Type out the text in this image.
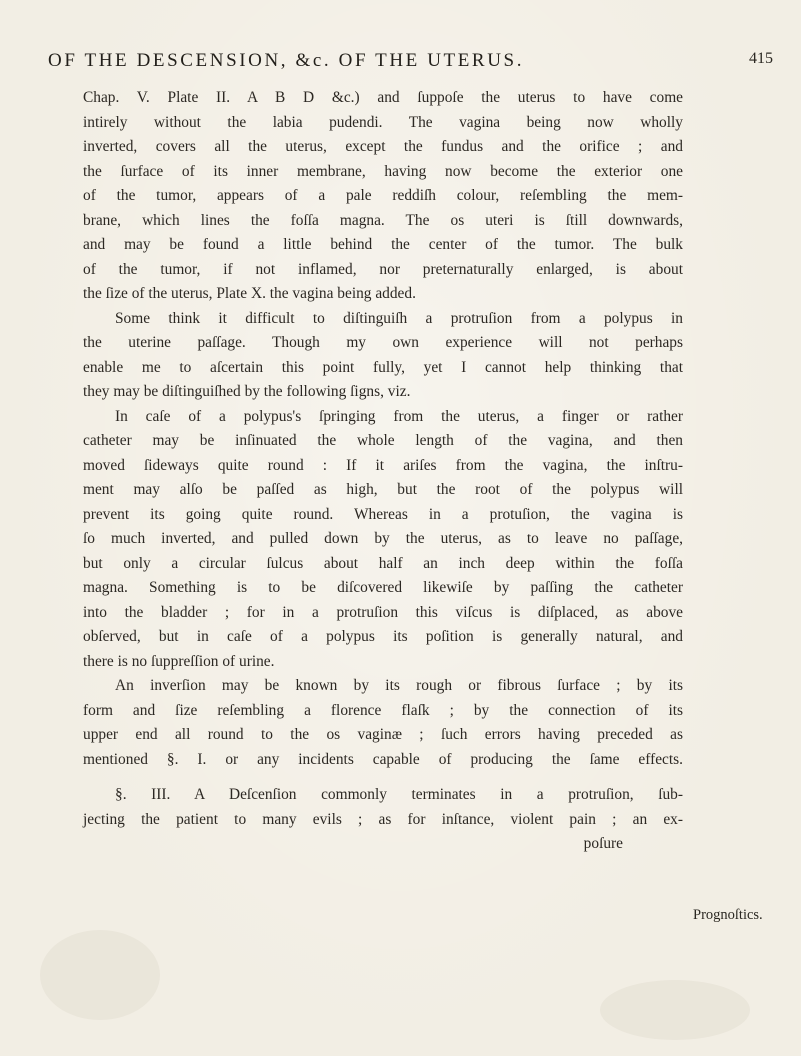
OF THE DESCENSION, &c. OF THE UTERUS.	415
Chap. V. Plate II. A B D &c.) and ſuppoſe the uterus to have come
intirely without the labia pudendi. The vagina being now wholly
inverted, covers all the uterus, except the fundus and the orifice ; and
the ſurface of its inner membrane, having now become the exterior one
of the tumor, appears of a pale reddiſh colour, reſembling the mem-
brane, which lines the foſſa magna. The os uteri is ſtill downwards,
and may be found a little behind the center of the tumor. The bulk
of the tumor, if not inflamed, nor preternaturally enlarged, is about
the ſize of the uterus, Plate X. the vagina being added.
Some think it difficult to diſtinguiſh a protruſion from a polypus in
the uterine paſſage. Though my own experience will not perhaps
enable me to aſcertain this point fully, yet I cannot help thinking that
they may be diſtinguiſhed by the following ſigns, viz.
In caſe of a polypus's ſpringing from the uterus, a finger or rather
catheter may be inſinuated the whole length of the vagina, and then
moved ſideways quite round : If it ariſes from the vagina, the inſtru-
ment may alſo be paſſed as high, but the root of the polypus will
prevent its going quite round. Whereas in a protuſion, the vagina is
ſo much inverted, and pulled down by the uterus, as to leave no paſſage,
but only a circular ſulcus about half an inch deep within the foſſa
magna. Something is to be diſcovered likewiſe by paſſing the catheter
into the bladder ; for in a protruſion this viſcus is diſplaced, as above
obſerved, but in caſe of a polypus its poſition is generally natural, and
there is no ſuppreſſion of urine.
An inverſion may be known by its rough or fibrous ſurface ; by its
form and ſize reſembling a florence flaſk ; by the connection of its
upper end all round to the os vaginæ ; ſuch errors having preceded as
mentioned §. I. or any incidents capable of producing the ſame effects.
§. III. A Deſcenſion commonly terminates in a protruſion, ſub-
jecting the patient to many evils ; as for inſtance, violent pain ; an ex-
poſure
Prognoſtics.
